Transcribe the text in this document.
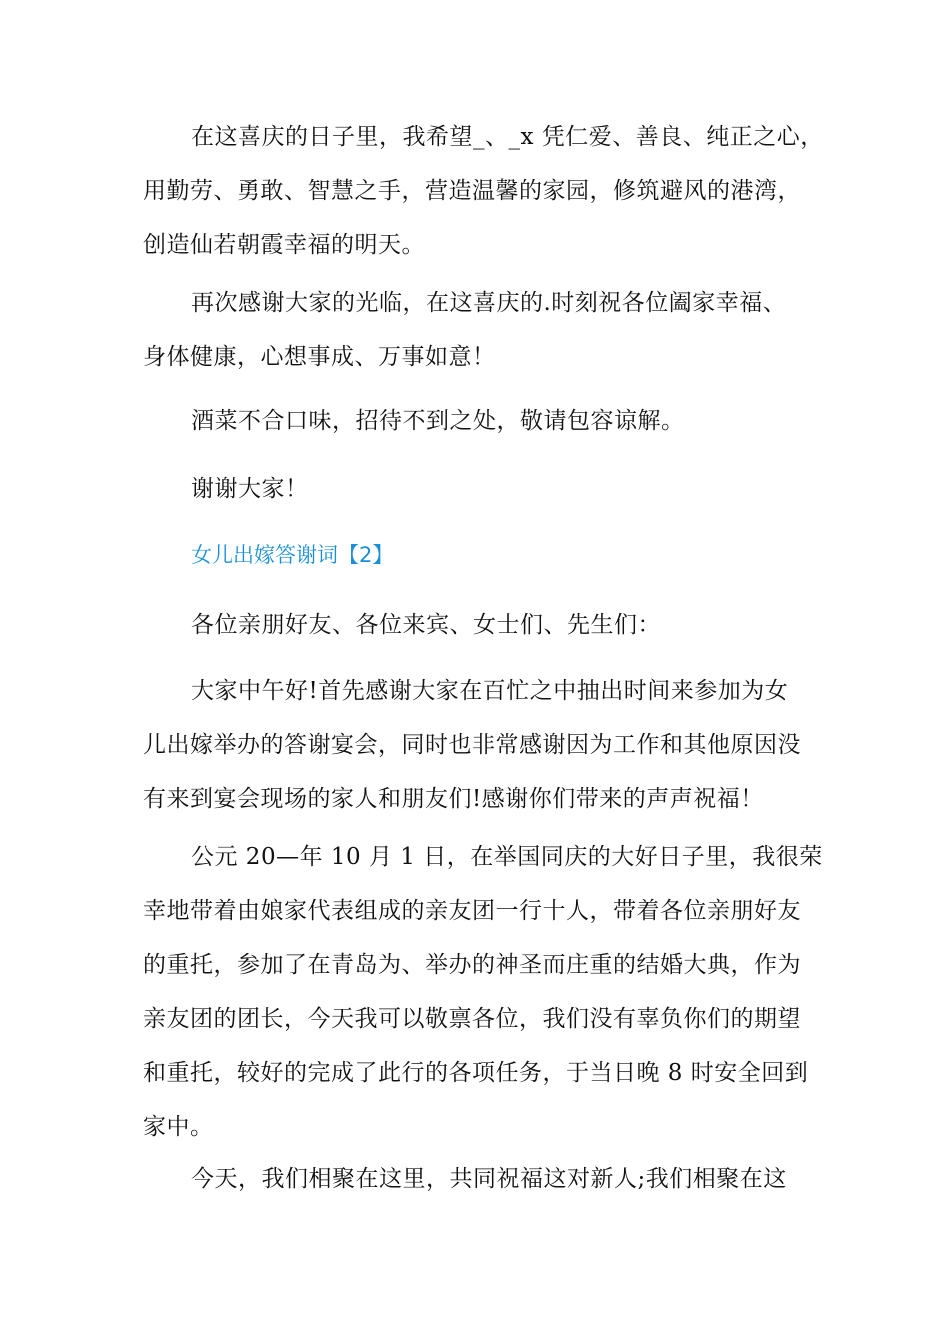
在这喜庆的日子里，我希望_、_x 凭仁爱、善良、纯正之心，
用勤劳、勇敢、智慧之手，营造温馨的家园，修筑避风的港湾，
创造仙若朝霞幸福的明天。

再次感谢大家的光临，在这喜庆的.时刻祝各位阖家幸福、
身体健康，心想事成、万事如意！

酒菜不合口味，招待不到之处，敬请包容谅解。

谢谢大家！

女儿出嫁答谢词【2】

各位亲朋好友、各位来宾、女士们、先生们：

大家中午好!首先感谢大家在百忙之中抽出时间来参加为女
儿出嫁举办的答谢宴会，同时也非常感谢因为工作和其他原因没
有来到宴会现场的家人和朋友们!感谢你们带来的声声祝福！

公元 20—年 10 月 1 日，在举国同庆的大好日子里，我很荣
幸地带着由娘家代表组成的亲友团一行十人，带着各位亲朋好友
的重托，参加了在青岛为、举办的神圣而庄重的结婚大典，作为
亲友团的团长，今天我可以敬禀各位，我们没有辜负你们的期望
和重托，较好的完成了此行的各项任务，于当日晚 8 时安全回到
家中。

今天，我们相聚在这里，共同祝福这对新人;我们相聚在这
